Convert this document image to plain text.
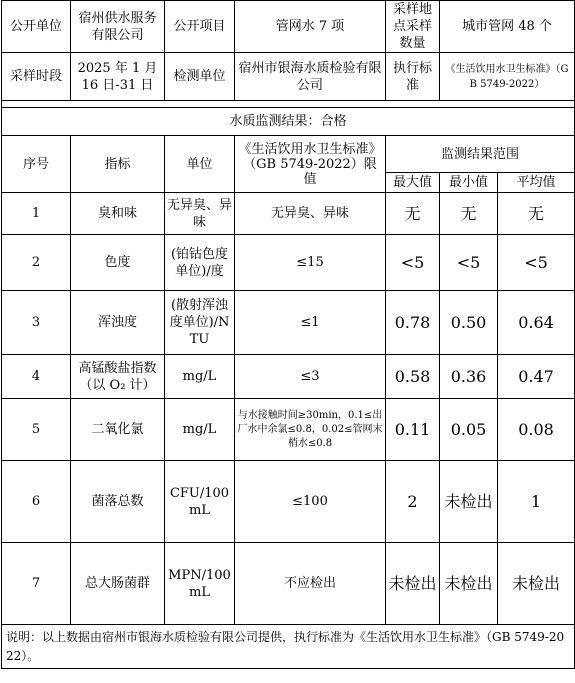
公开单位	宿州供水服务有限公司	公开项目	管网水 7 项	采样地点采样数量	城市管网 48 个	
采样时段	2025 年 1 月 16 日-31 日	检测单位	宿州市银海水质检验有限公司	执行标准	《生活饮用水卫生标准》（GB 5749-2022）	

水质监测结果：合格						
序号	指标	单位	《生活饮用水卫生标准》（GB 5749-2022）限值	监测结果范围		
				最大值	最小值	平均值
1	臭和味	无异臭、异味	无异臭、异味	无	无	无
2	色度	(铂钴色度单位)/度	≤15	<5	<5	<5
3	浑浊度	(散射浑浊度单位)/NTU	≤1	0.78	0.50	0.64
4	高锰酸盐指数（以 O₂ 计）	mg/L	≤3	0.58	0.36	0.47
5	二氧化氯	mg/L	与水接触时间≥30min，0.1≤出厂水中余氯≤0.8，0.02≤管网末梢水≤0.8	0.11	0.05	0.08
6	菌落总数	CFU/100mL	≤100	2	未检出	1
7	总大肠菌群	MPN/100mL	不应检出	未检出	未检出	未检出
说明：以上数据由宿州市银海水质检验有限公司提供，执行标准为《生活饮用水卫生标准》（GB 5749-2022）。						
